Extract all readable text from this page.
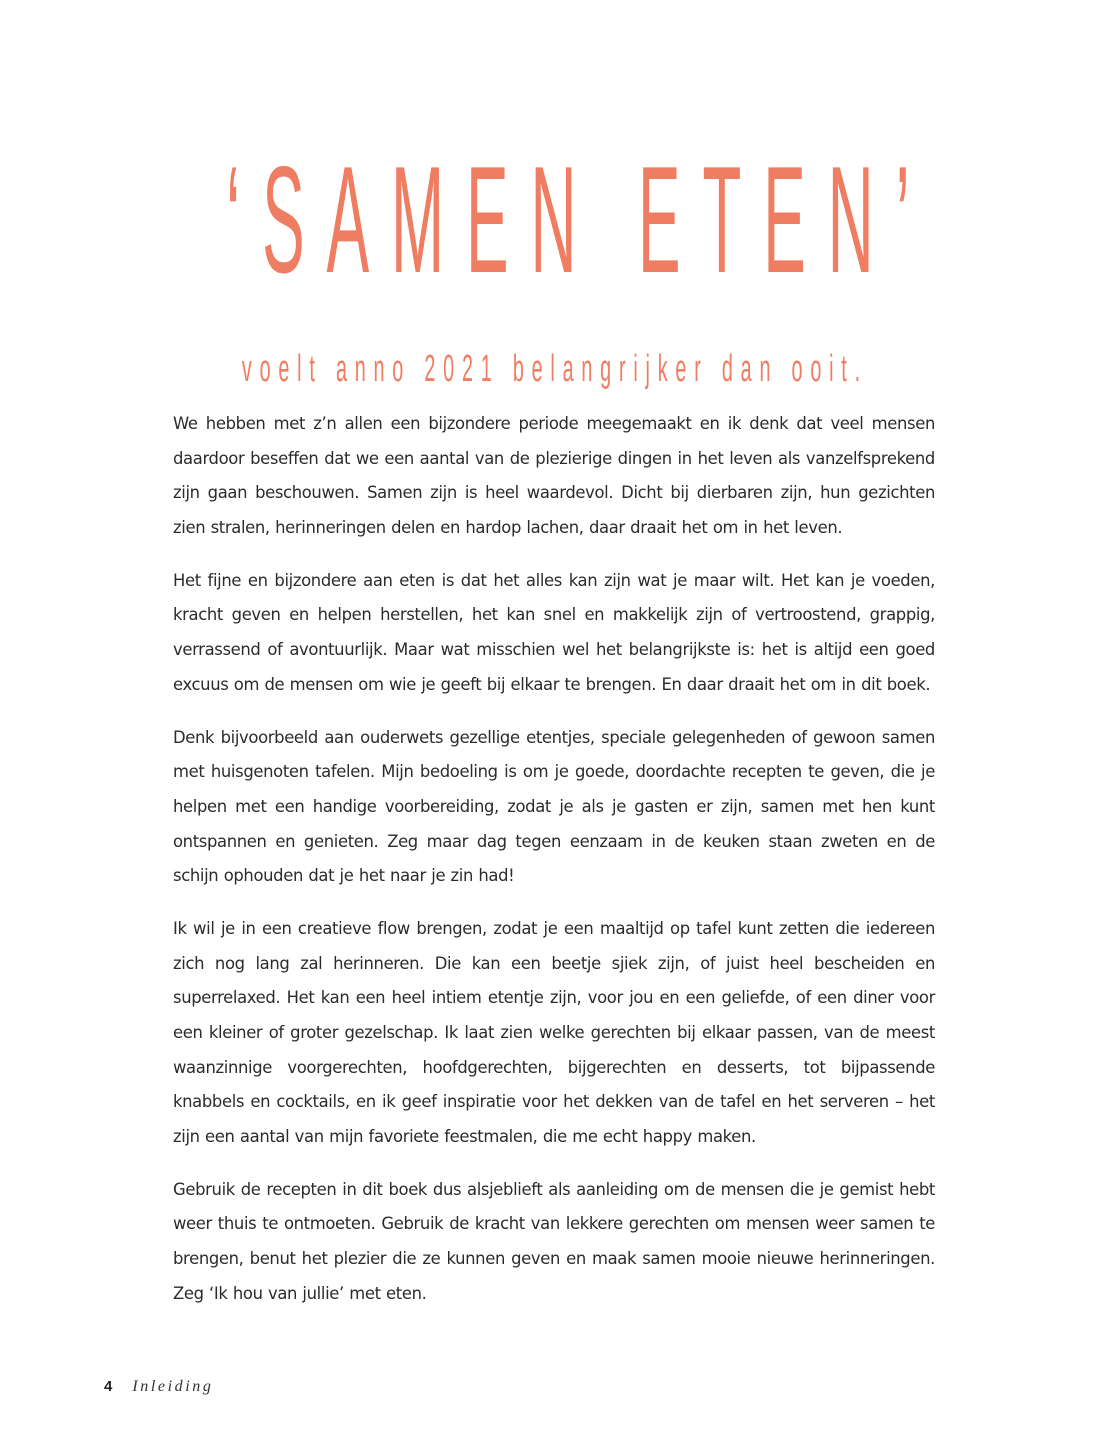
‘SAMEN ETEN’
voelt anno 2021 belangrijker dan ooit.

We hebben met z’n allen een bijzondere periode meegemaakt en ik denk dat veel mensen daardoor beseffen dat we een aantal van de plezierige dingen in het leven als vanzelfsprekend zijn gaan beschouwen. Samen zijn is heel waardevol. Dicht bij dierbaren zijn, hun gezichten zien stralen, herinneringen delen en hardop lachen, daar draait het om in het leven.

Het fijne en bijzondere aan eten is dat het alles kan zijn wat je maar wilt. Het kan je voeden, kracht geven en helpen herstellen, het kan snel en makkelijk zijn of vertroostend, grappig, verrassend of avontuurlijk. Maar wat misschien wel het belangrijkste is: het is altijd een goed excuus om de mensen om wie je geeft bij elkaar te brengen. En daar draait het om in dit boek.

Denk bijvoorbeeld aan ouderwets gezellige etentjes, speciale gelegenheden of gewoon samen met huisgenoten tafelen. Mijn bedoeling is om je goede, doordachte recepten te geven, die je helpen met een handige voorbereiding, zodat je als je gasten er zijn, samen met hen kunt ontspannen en genieten. Zeg maar dag tegen eenzaam in de keuken staan zweten en de schijn ophouden dat je het naar je zin had!

Ik wil je in een creatieve flow brengen, zodat je een maaltijd op tafel kunt zetten die iedereen zich nog lang zal herinneren. Die kan een beetje sjiek zijn, of juist heel bescheiden en superrelaxed. Het kan een heel intiem etentje zijn, voor jou en een geliefde, of een diner voor een kleiner of groter gezelschap. Ik laat zien welke gerechten bij elkaar passen, van de meest waanzinnige voorgerechten, hoofdgerechten, bijgerechten en desserts, tot bijpassende knabbels en cocktails, en ik geef inspiratie voor het dekken van de tafel en het serveren – het zijn een aantal van mijn favoriete feestmalen, die me echt happy maken.

Gebruik de recepten in dit boek dus alsjeblieft als aanleiding om de mensen die je gemist hebt weer thuis te ontmoeten. Gebruik de kracht van lekkere gerechten om mensen weer samen te brengen, benut het plezier die ze kunnen geven en maak samen mooie nieuwe herinneringen. Zeg ‘Ik hou van jullie’ met eten.

4 Inleiding
